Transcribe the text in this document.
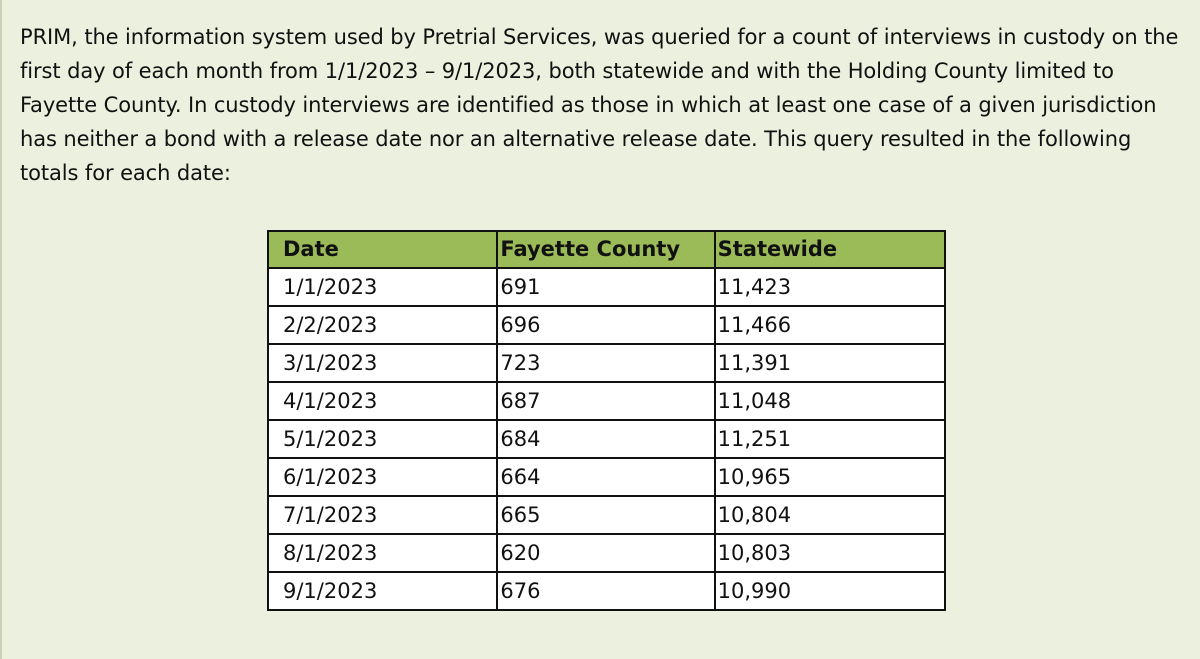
PRIM, the information system used by Pretrial Services, was queried for a count of interviews in custody on the first day of each month from 1/1/2023 – 9/1/2023, both statewide and with the Holding County limited to Fayette County. In custody interviews are identified as those in which at least one case of a given jurisdiction has neither a bond with a release date nor an alternative release date. This query resulted in the following totals for each date:

Date	Fayette County	Statewide
1/1/2023	691	11,423
2/2/2023	696	11,466
3/1/2023	723	11,391
4/1/2023	687	11,048
5/1/2023	684	11,251
6/1/2023	664	10,965
7/1/2023	665	10,804
8/1/2023	620	10,803
9/1/2023	676	10,990
